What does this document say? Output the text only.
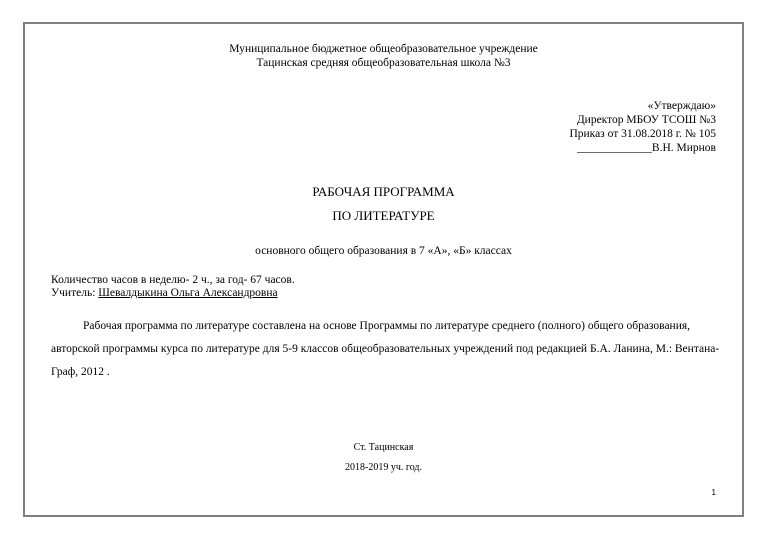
Муниципальное бюджетное общеобразовательное учреждение
Тацинская средняя общеобразовательная школа №3
«Утверждаю»
Директор МБОУ ТСОШ №3
Приказ от 31.08.2018 г. № 105
_____________В.Н. Мирнов
РАБОЧАЯ ПРОГРАММА
ПО ЛИТЕРАТУРЕ
основного общего образования в 7 «А», «Б» классах
Количество часов в неделю- 2 ч., за год- 67 часов.
Учитель: Шевалдыкина Ольга Александровна
Рабочая программа по литературе составлена на основе Программы по литературе среднего (полного) общего образования, авторской программы курса по литературе для 5-9 классов общеобразовательных учреждений под редакцией Б.А. Ланина, М.: Вентана-Граф, 2012 .
Ст. Тацинская
2018-2019 уч. год.
1
